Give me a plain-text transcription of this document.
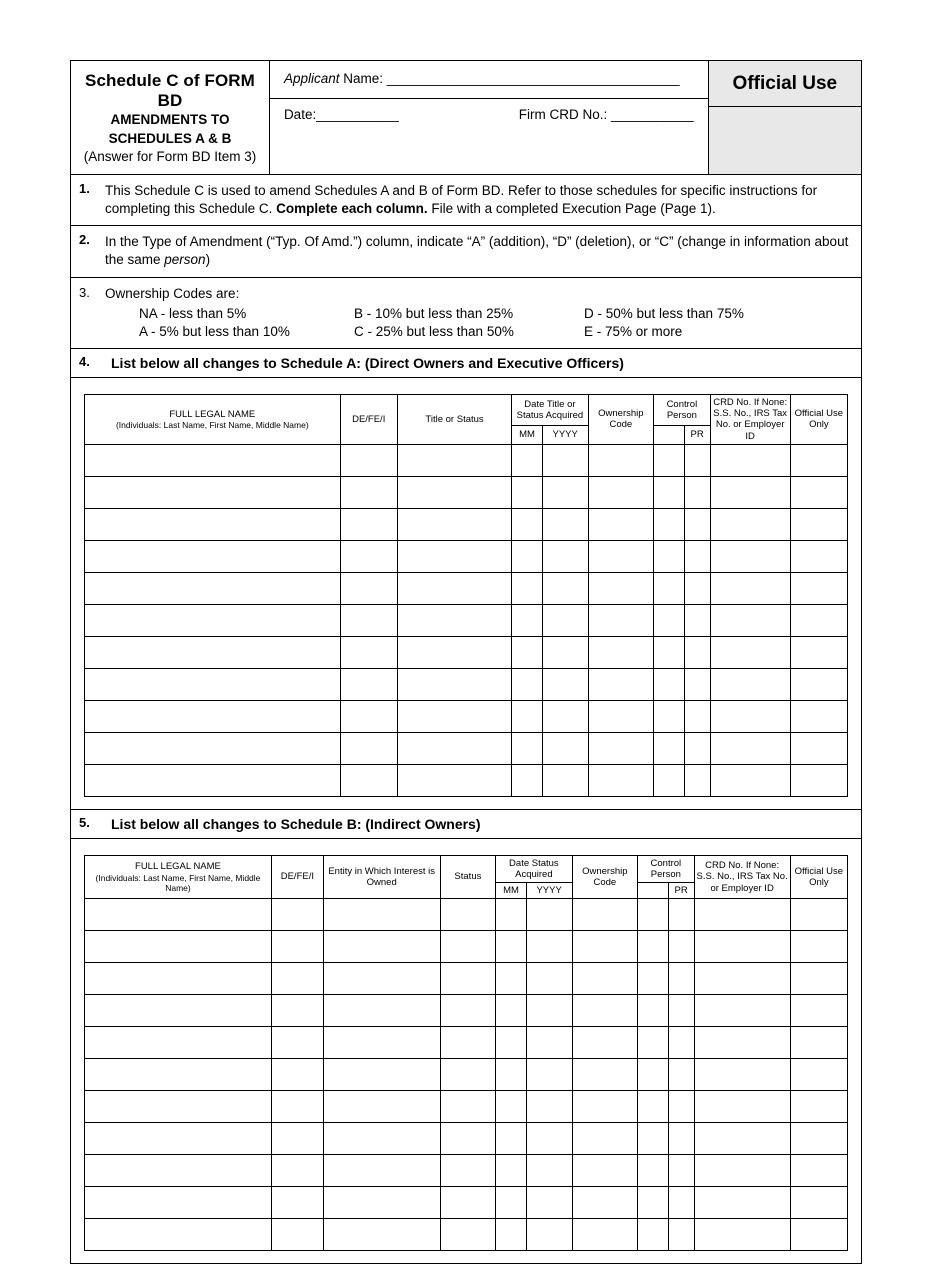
Schedule C of FORM BD
AMENDMENTS TO
SCHEDULES A & B
(Answer for Form BD Item 3)
Applicant Name: _______________________________________
Date:___________	Firm CRD No.: ___________
Official Use
1.	This Schedule C is used to amend Schedules A and B of Form BD. Refer to those schedules for specific instructions for completing this Schedule C. Complete each column. File with a completed Execution Page (Page 1).
2.	In the Type of Amendment (“Typ. Of Amd.”) column, indicate “A” (addition), “D” (deletion), or “C” (change in information about the same person)
3.	Ownership Codes are:
NA - less than 5%	B - 10% but less than 25%	D - 50% but less than 75%
A - 5% but less than 10%	C - 25% but less than 50%	E - 75% or more
4.	List below all changes to Schedule A: (Direct Owners and Executive Officers)
FULL LEGAL NAME
(Individuals: Last Name, First Name, Middle Name)	DE/FE/I	Title or Status	Date Title or Status Acquired		Ownership Code	Control Person		CRD No. If None: S.S. No., IRS Tax No. or Employer ID	Official Use Only
			MM	YYYY			PR		

5.	List below all changes to Schedule B: (Indirect Owners)
FULL LEGAL NAME
(Individuals: Last Name, First Name, Middle Name)	DE/FE/I	Entity in Which Interest is Owned	Status	Date Status Acquired		Ownership Code	Control Person		CRD No. If None: S.S. No., IRS Tax No. or Employer ID	Official Use Only
				MM	YYYY			PR		
